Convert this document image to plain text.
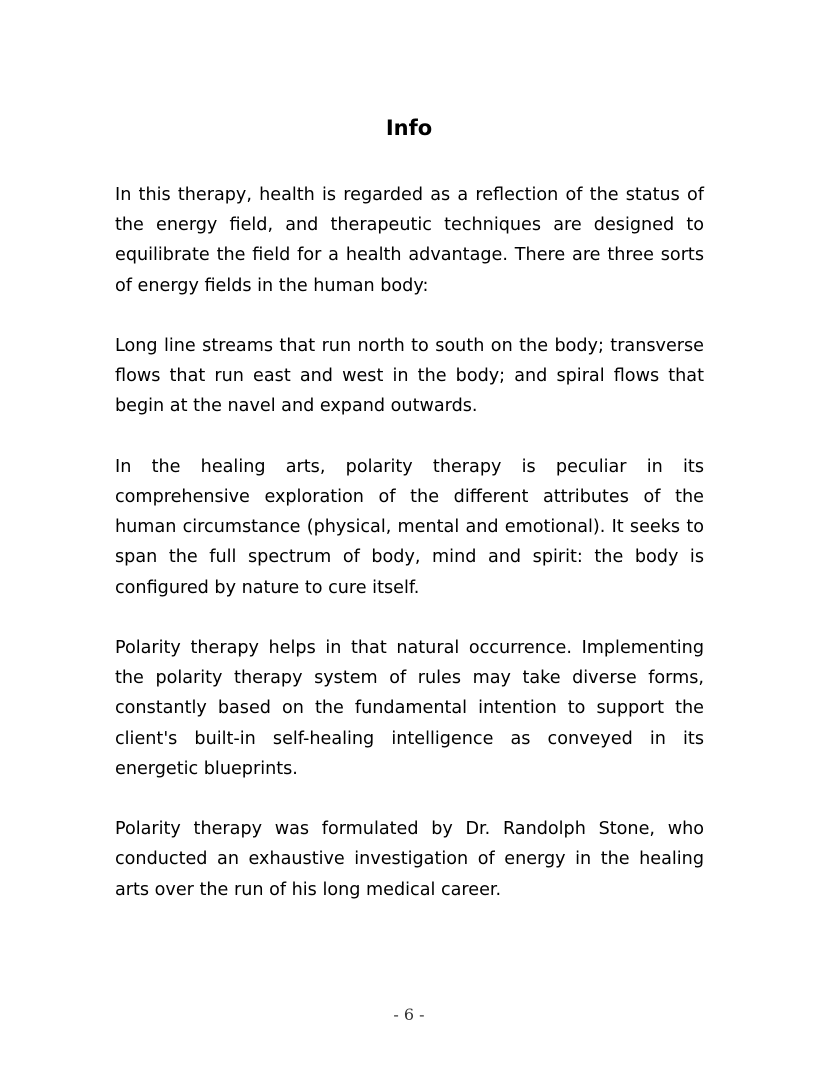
Info

In this therapy, health is regarded as a reflection of the status of the energy field, and therapeutic techniques are designed to equilibrate the field for a health advantage. There are three sorts of energy fields in the human body:

Long line streams that run north to south on the body; transverse flows that run east and west in the body; and spiral flows that begin at the navel and expand outwards.

In the healing arts, polarity therapy is peculiar in its comprehensive exploration of the different attributes of the human circumstance (physical, mental and emotional). It seeks to span the full spectrum of body, mind and spirit: the body is configured by nature to cure itself.

Polarity therapy helps in that natural occurrence. Implementing the polarity therapy system of rules may take diverse forms, constantly based on the fundamental intention to support the client's built-in self-healing intelligence as conveyed in its energetic blueprints.

Polarity therapy was formulated by Dr. Randolph Stone, who conducted an exhaustive investigation of energy in the healing arts over the run of his long medical career.

- 6 -
